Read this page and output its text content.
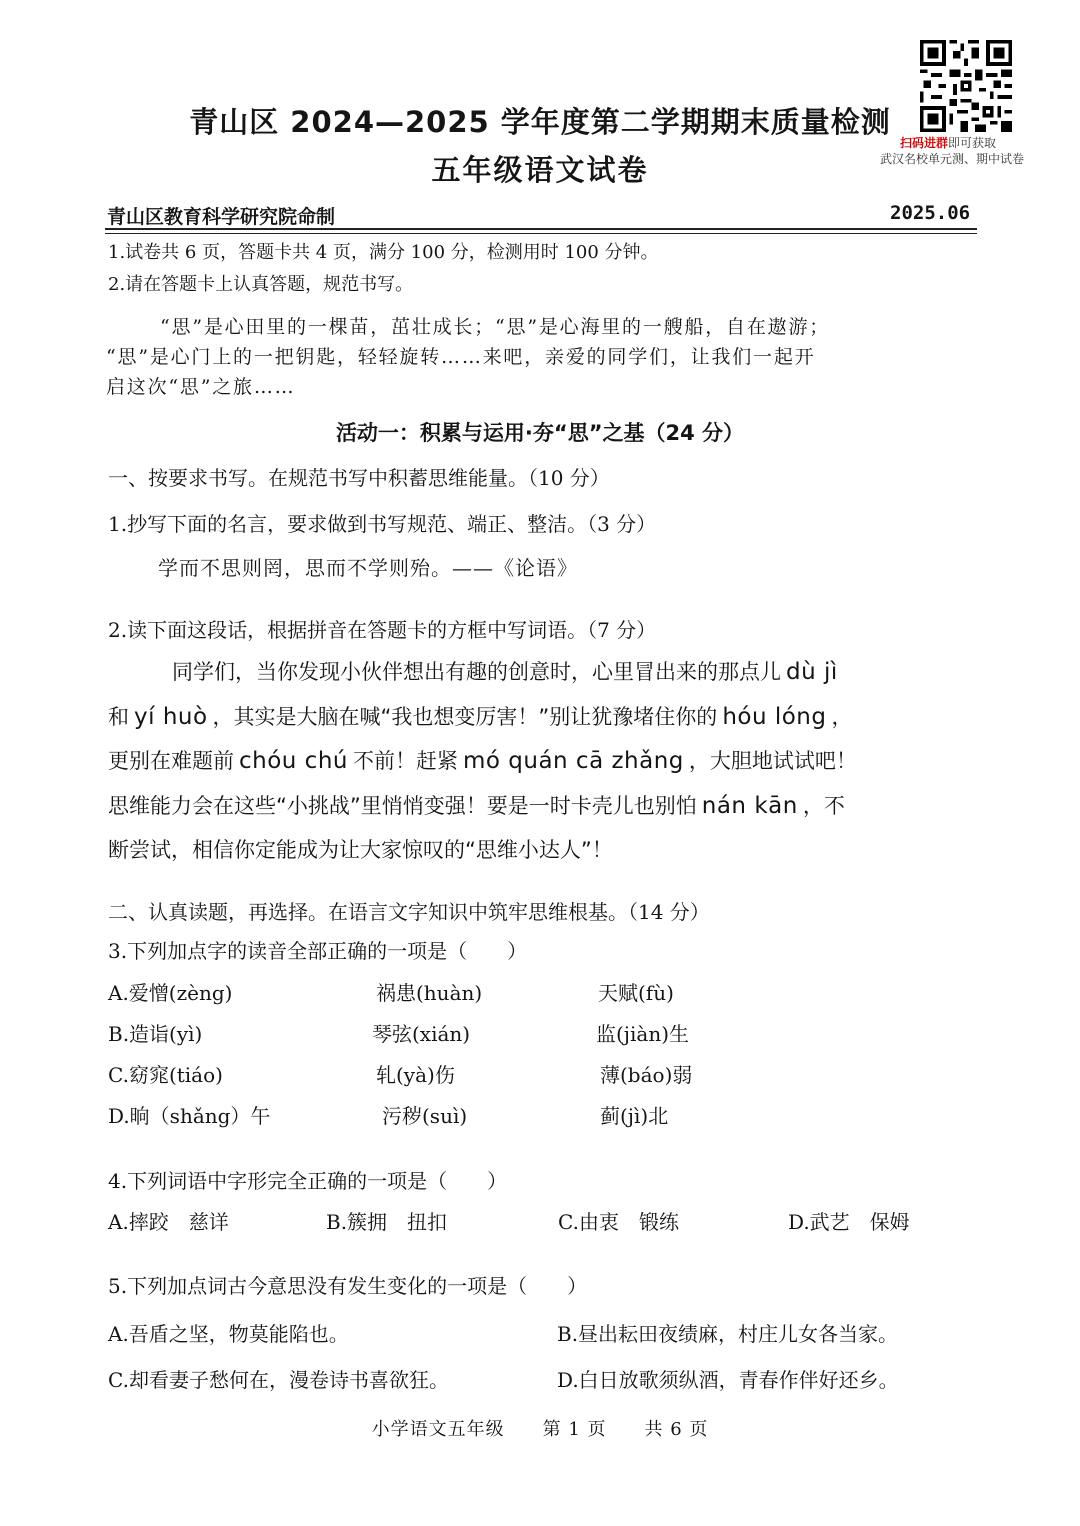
青山区 2024—2025 学年度第二学期期末质量检测
五年级语文试卷
扫码进群即可获取
武汉名校单元测、期中试卷
青山区教育科学研究院命制	2025.06
1.试卷共 6 页，答题卡共 4 页，满分 100 分，检测用时 100 分钟。
2.请在答题卡上认真答题，规范书写。
“思”是心田里的一棵苗，茁壮成长；“思”是心海里的一艘船，自在遨游；
“思”是心门上的一把钥匙，轻轻旋转……来吧，亲爱的同学们，让我们一起开
启这次“思”之旅……
活动一：积累与运用·夯“思”之基（24 分）
一、按要求书写。在规范书写中积蓄思维能量。（10 分）
1.抄写下面的名言，要求做到书写规范、端正、整洁。（3 分）
学而不思则罔，思而不学则殆。——《论语》
2.读下面这段话，根据拼音在答题卡的方框中写词语。（7 分）
同学们，当你发现小伙伴想出有趣的创意时，心里冒出来的那点儿 dù jì
和 yí huò ，其实是大脑在喊“我也想变厉害！”别让犹豫堵住你的 hóu lóng ，
更别在难题前 chóu chú 不前！赶紧 mó quán cā zhǎng ，大胆地试试吧！
思维能力会在这些“小挑战”里悄悄变强！要是一时卡壳儿也别怕 nán kān ，不
断尝试，相信你定能成为让大家惊叹的“思维小达人”！
二、认真读题，再选择。在语言文字知识中筑牢思维根基。（14 分）
3.下列加点字的读音全部正确的一项是（　　）
A.爱憎(zèng)	祸患(huàn)	天赋(fù)
B.造诣(yì)	琴弦(xián)	监(jiàn)生
C.窈窕(tiáo)	轧(yà)伤	薄(báo)弱
D.晌（shǎng）午	污秽(suì)	蓟(jì)北
4.下列词语中字形完全正确的一项是（　　）
A.摔跤　慈详	B.簇拥　扭扣	C.由衷　锻练	D.武艺　保姆
5.下列加点词古今意思没有发生变化的一项是（　　）
A.吾盾之坚，物莫能陷也。	B.昼出耘田夜绩麻，村庄儿女各当家。
C.却看妻子愁何在，漫卷诗书喜欲狂。	D.白日放歌须纵酒，青春作伴好还乡。
小学语文五年级　　第 1 页　　共 6 页
